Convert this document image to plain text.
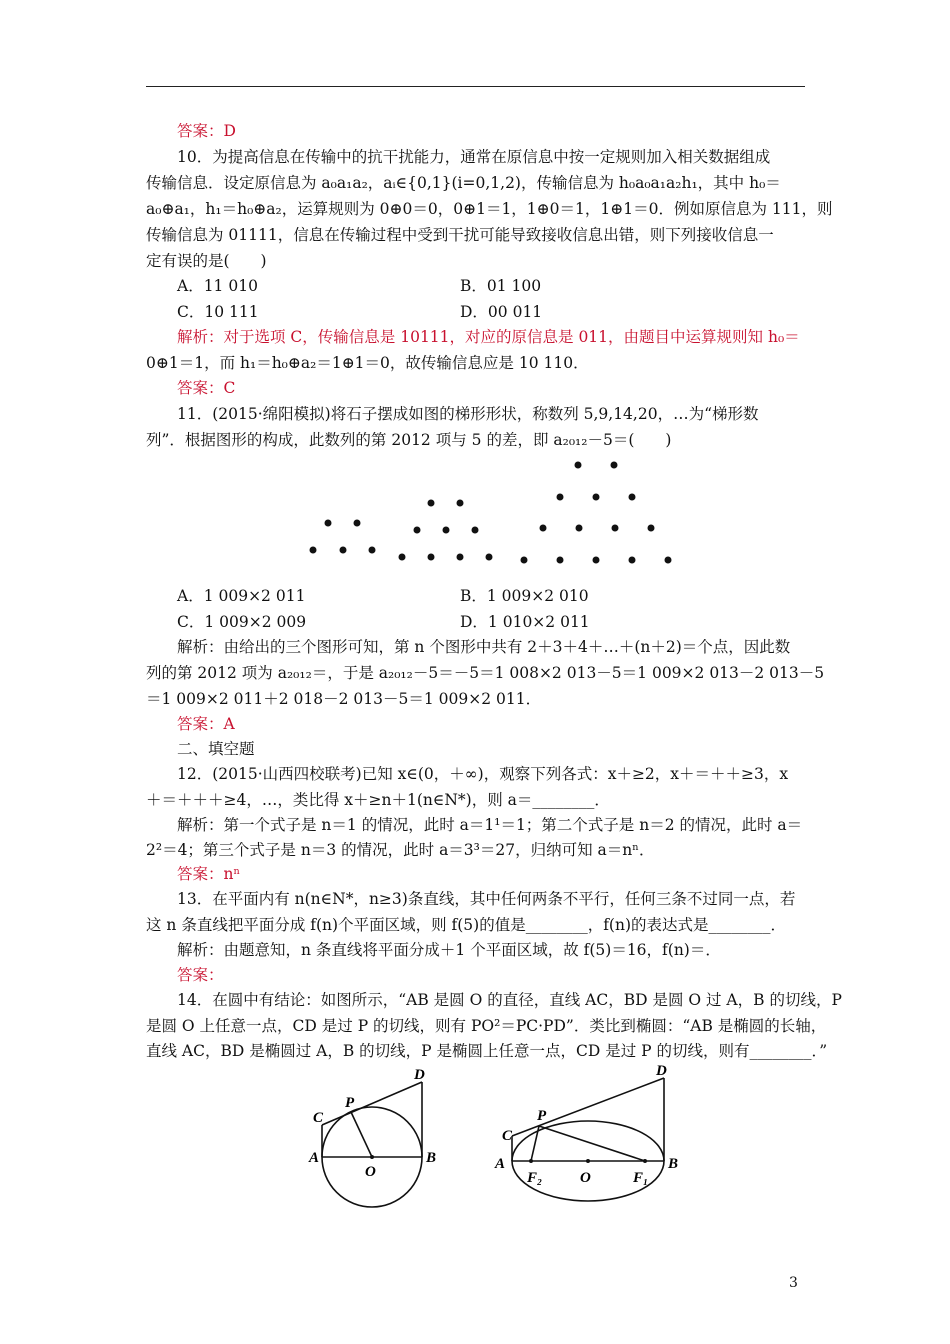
答案：D
10．为提高信息在传输中的抗干扰能力，通常在原信息中按一定规则加入相关数据组成
传输信息．设定原信息为 a₀a₁a₂，aᵢ∈{0,1}(i=0,1,2)，传输信息为 h₀a₀a₁a₂h₁，其中 h₀＝
a₀⊕a₁，h₁＝h₀⊕a₂，运算规则为 0⊕0＝0，0⊕1＝1，1⊕0＝1，1⊕1＝0．例如原信息为 111，则
传输信息为 01111，信息在传输过程中受到干扰可能导致接收信息出错，则下列接收信息一
定有误的是(　　)
A．11 010	B．01 100
C．10 111	D．00 011
解析：对于选项 C，传输信息是 10111，对应的原信息是 011，由题目中运算规则知 h₀＝
0⊕1＝1，而 h₁＝h₀⊕a₂＝1⊕1＝0，故传输信息应是 10 110．
答案：C
11．(2015·绵阳模拟)将石子摆成如图的梯形形状，称数列 5,9,14,20，…为“梯形数
列”．根据图形的构成，此数列的第 2012 项与 5 的差，即 a₂₀₁₂－5＝(　　)
A．1 009×2 011	B．1 009×2 010
C．1 009×2 009	D．1 010×2 011
解析：由给出的三个图形可知，第 n 个图形中共有 2＋3＋4＋…＋(n＋2)＝个点，因此数
列的第 2012 项为 a₂₀₁₂＝，于是 a₂₀₁₂－5＝－5＝1 008×2 013－5＝1 009×2 013－2 013－5
＝1 009×2 011＋2 018－2 013－5＝1 009×2 011．
答案：A
二、填空题
12．(2015·山西四校联考)已知 x∈(0，＋∞)，观察下列各式：x＋≥2，x＋＝＋＋≥3，x
＋＝＋＋＋≥4，…，类比得 x＋≥n＋1(n∈N*)，则 a＝________．
解析：第一个式子是 n＝1 的情况，此时 a＝1¹＝1；第二个式子是 n＝2 的情况，此时 a＝
2²＝4；第三个式子是 n＝3 的情况，此时 a＝3³＝27，归纳可知 a＝nⁿ．
答案：nⁿ
13．在平面内有 n(n∈N*，n≥3)条直线，其中任何两条不平行，任何三条不过同一点，若
这 n 条直线把平面分成 f(n)个平面区域，则 f(5)的值是________，f(n)的表达式是________．
解析：由题意知，n 条直线将平面分成＋1 个平面区域，故 f(5)＝16，f(n)＝．
答案：
14．在圆中有结论：如图所示，“AB 是圆 O 的直径，直线 AC，BD 是圆 O 过 A，B 的切线，P
是圆 O 上任意一点，CD 是过 P 的切线，则有 PO²＝PC·PD”．类比到椭圆：“AB 是椭圆的长轴，
直线 AC，BD 是椭圆过 A，B 的切线，P 是椭圆上任意一点，CD 是过 P 的切线，则有________．”
D
C
P
A
O
B
D
P
C
A
F₂	O	F₁
B
3
